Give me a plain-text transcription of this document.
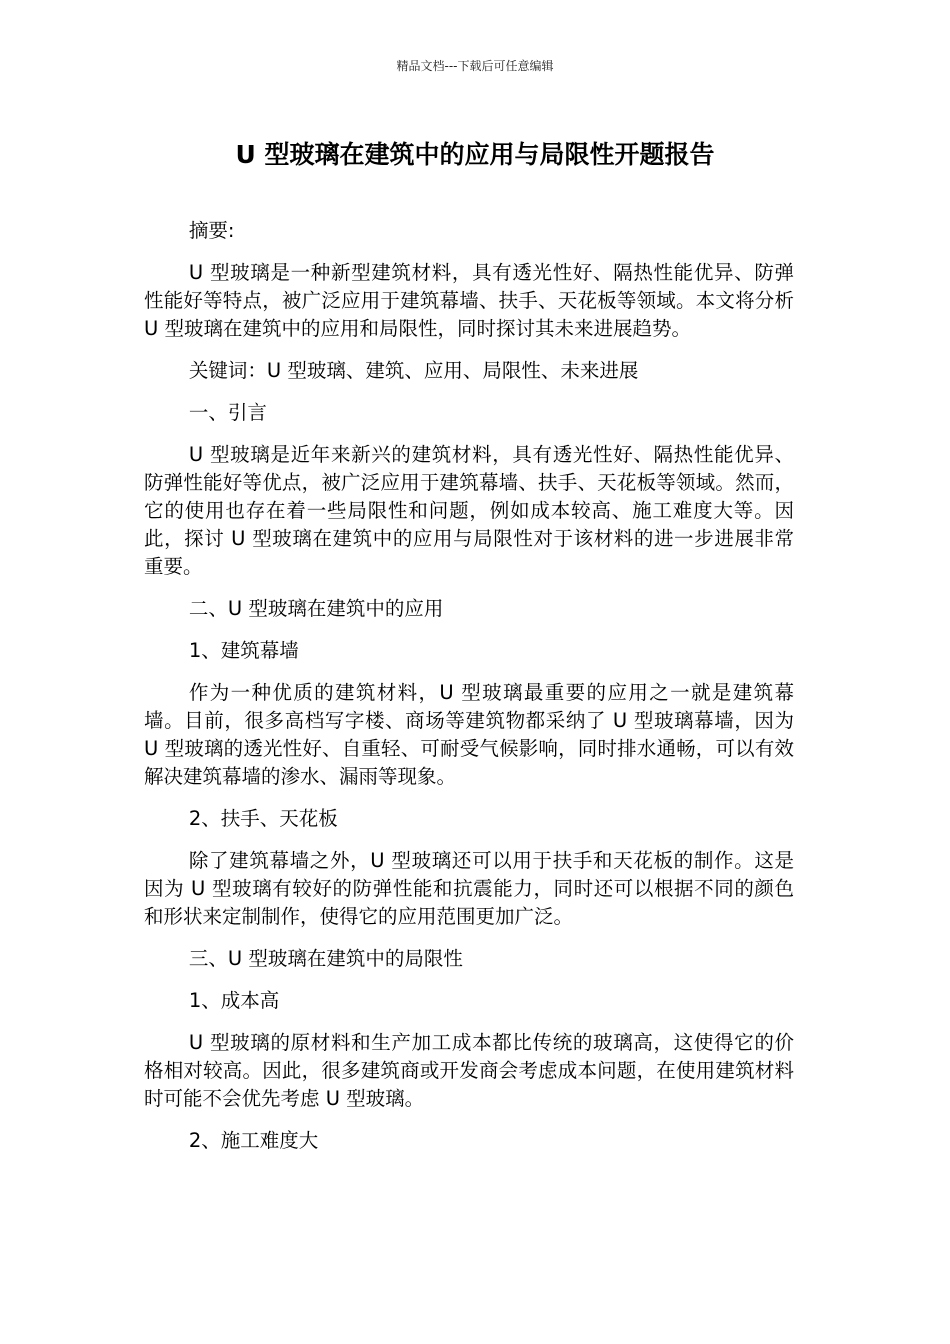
精品文档---下载后可任意编辑
U 型玻璃在建筑中的应用与局限性开题报告

摘要:

U 型玻璃是一种新型建筑材料，具有透光性好、隔热性能优异、防弹性能好等特点，被广泛应用于建筑幕墙、扶手、天花板等领域。本文将分析 U 型玻璃在建筑中的应用和局限性，同时探讨其未来进展趋势。

关键词：U 型玻璃、建筑、应用、局限性、未来进展

一、引言

U 型玻璃是近年来新兴的建筑材料，具有透光性好、隔热性能优异、防弹性能好等优点，被广泛应用于建筑幕墙、扶手、天花板等领域。然而，它的使用也存在着一些局限性和问题，例如成本较高、施工难度大等。因此，探讨 U 型玻璃在建筑中的应用与局限性对于该材料的进一步进展非常重要。

二、U 型玻璃在建筑中的应用

1、建筑幕墙

作为一种优质的建筑材料，U 型玻璃最重要的应用之一就是建筑幕墙。目前，很多高档写字楼、商场等建筑物都采纳了 U 型玻璃幕墙，因为 U 型玻璃的透光性好、自重轻、可耐受气候影响，同时排水通畅，可以有效解决建筑幕墙的渗水、漏雨等现象。

2、扶手、天花板

除了建筑幕墙之外，U 型玻璃还可以用于扶手和天花板的制作。这是因为 U 型玻璃有较好的防弹性能和抗震能力，同时还可以根据不同的颜色和形状来定制制作，使得它的应用范围更加广泛。

三、U 型玻璃在建筑中的局限性

1、成本高

U 型玻璃的原材料和生产加工成本都比传统的玻璃高，这使得它的价格相对较高。因此，很多建筑商或开发商会考虑成本问题，在使用建筑材料时可能不会优先考虑 U 型玻璃。

2、施工难度大
